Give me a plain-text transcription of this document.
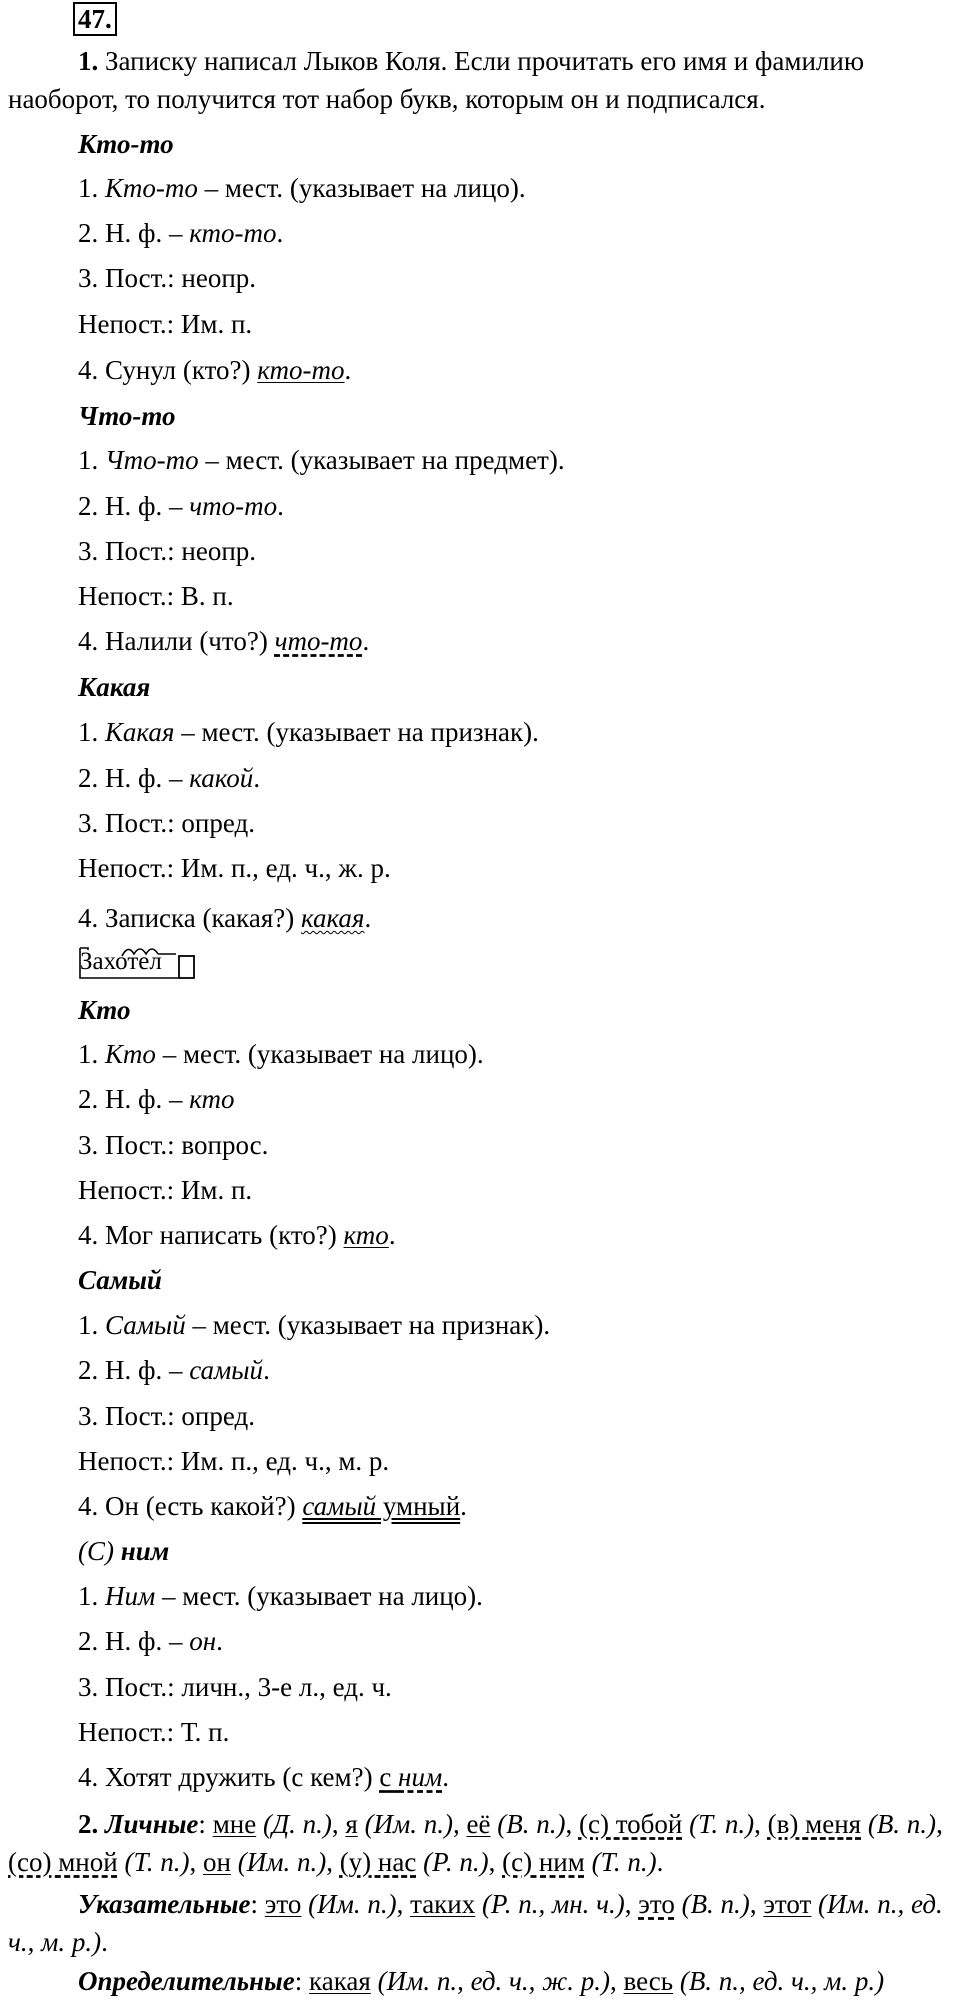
47.
1. Записку написал Лыков Коля. Если прочитать его имя и фамилию наоборот, то получится тот набор букв, которым он и подписался.
Кто-то
1. Кто-то – мест. (указывает на лицо).
2. Н. ф. – кто-то.
3. Пост.: неопр.
Непост.: Им. п.
4. Сунул (кто?) кто-то.
Что-то
1. Что-то – мест. (указывает на предмет).
2. Н. ф. – что-то.
3. Пост.: неопр.
Непост.: В. п.
4. Налили (что?) что-то.
Какая
1. Какая – мест. (указывает на признак).
2. Н. ф. – какой.
3. Пост.: опред.
Непост.: Им. п., ед. ч., ж. р.
4. Записка (какая?) какая.
Захотел
Кто
1. Кто – мест. (указывает на лицо).
2. Н. ф. – кто
3. Пост.: вопрос.
Непост.: Им. п.
4. Мог написать (кто?) кто.
Самый
1. Самый – мест. (указывает на признак).
2. Н. ф. – самый.
3. Пост.: опред.
Непост.: Им. п., ед. ч., м. р.
4. Он (есть какой?) самый умный.
(С) ним
1. Ним – мест. (указывает на лицо).
2. Н. ф. – он.
3. Пост.: личн., 3-е л., ед. ч.
Непост.: Т. п.
4. Хотят дружить (с кем?) с ним.
2. Личные: мне (Д. п.), я (Им. п.), её (В. п.), (с) тобой (Т. п.), (в) меня (В. п.), (со) мной (Т. п.), он (Им. п.), (у) нас (Р. п.), (с) ним (Т. п.).
Указательные: это (Им. п.), таких (Р. п., мн. ч.), это (В. п.), этот (Им. п., ед. ч., м. р.).
Определительные: какая (Им. п., ед. ч., ж. р.), весь (В. п., ед. ч., м. р.)
